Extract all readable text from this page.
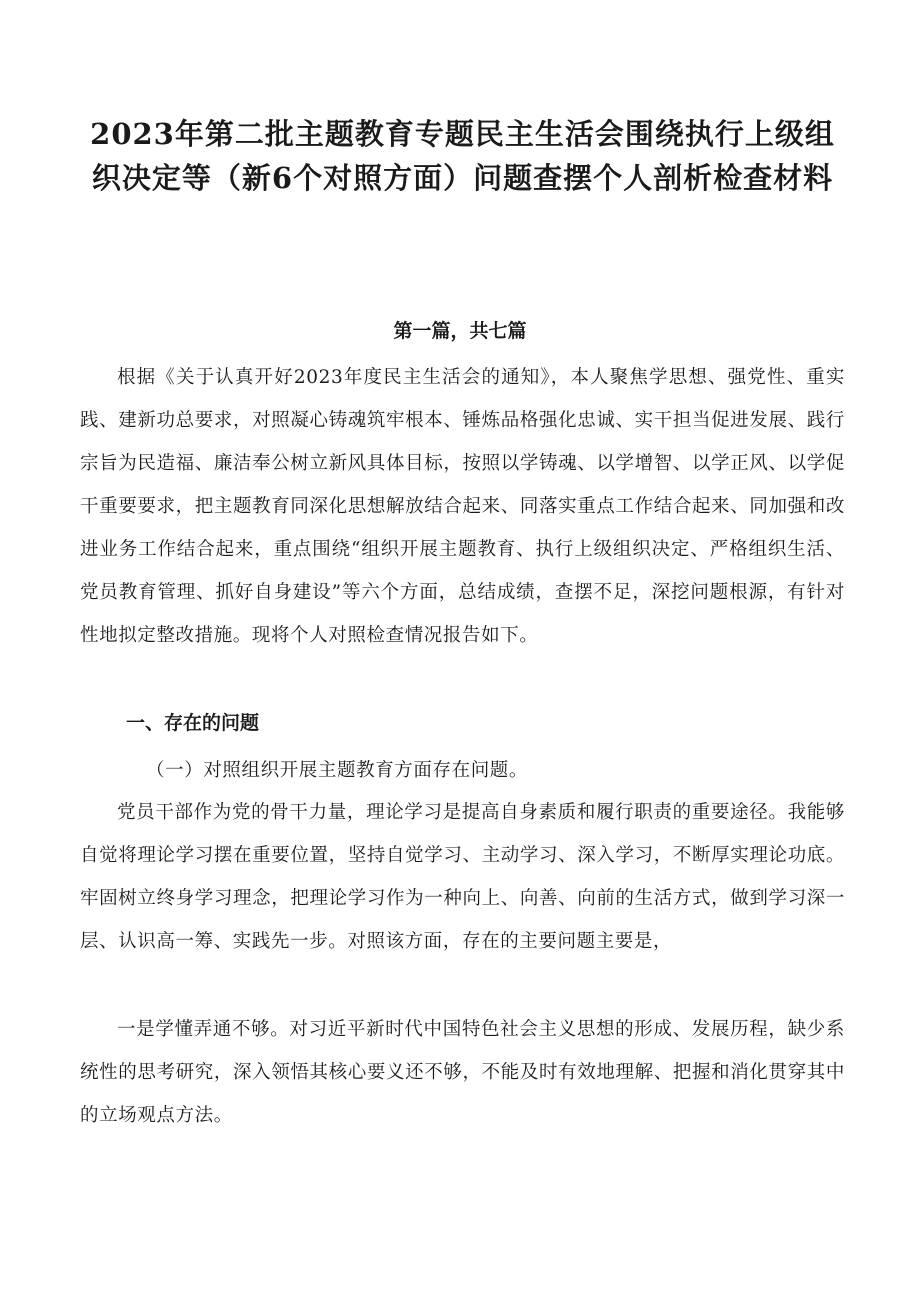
2023年第二批主题教育专题民主生活会围绕执行上级组织决定等（新6个对照方面）问题查摆个人剖析检查材料
第一篇，共七篇

根据《关于认真开好2023年度民主生活会的通知》，本人聚焦学思想、强党性、重实践、建新功总要求，对照凝心铸魂筑牢根本、锤炼品格强化忠诚、实干担当促进发展、践行宗旨为民造福、廉洁奉公树立新风具体目标，按照以学铸魂、以学增智、以学正风、以学促干重要要求，把主题教育同深化思想解放结合起来、同落实重点工作结合起来、同加强和改进业务工作结合起来，重点围绕“组织开展主题教育、执行上级组织决定、严格组织生活、党员教育管理、抓好自身建设”等六个方面，总结成绩，查摆不足，深挖问题根源，有针对性地拟定整改措施。现将个人对照检查情况报告如下。

一、存在的问题
（一）对照组织开展主题教育方面存在问题。

党员干部作为党的骨干力量，理论学习是提高自身素质和履行职责的重要途径。我能够自觉将理论学习摆在重要位置，坚持自觉学习、主动学习、深入学习，不断厚实理论功底。牢固树立终身学习理念，把理论学习作为一种向上、向善、向前的生活方式，做到学习深一层、认识高一筹、实践先一步。对照该方面，存在的主要问题主要是，

一是学懂弄通不够。对习近平新时代中国特色社会主义思想的形成、发展历程，缺少系统性的思考研究，深入领悟其核心要义还不够，不能及时有效地理解、把握和消化贯穿其中的立场观点方法。
